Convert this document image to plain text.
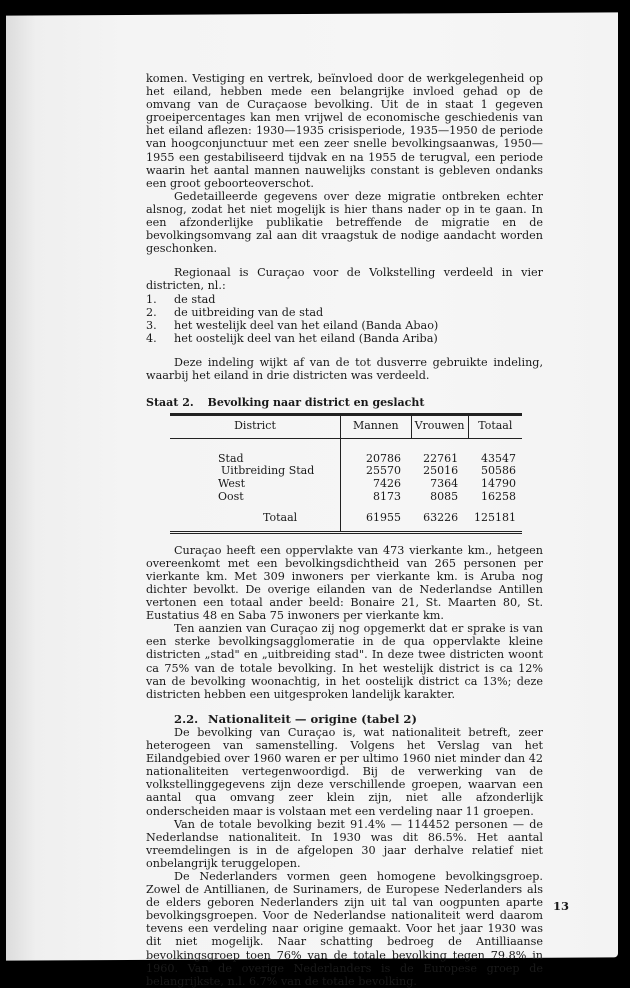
komen. Vestiging en vertrek, beïnvloed door de werkgelegenheid op het eiland, hebben mede een belangrijke invloed gehad op de omvang van de Curaçaose bevolking. Uit de in staat 1 gegeven groeipercentages kan men vrijwel de economische geschiedenis van het eiland aflezen: 1930—1935 crisisperiode, 1935—1950 de periode van hoogconjunctuur met een zeer snelle bevolkingsaanwas, 1950—1955 een gestabiliseerd tijdvak en na 1955 de terugval, een periode waarin het aantal mannen nauwelijks constant is gebleven ondanks een groot geboorteoverschot.

Gedetailleerde gegevens over deze migratie ontbreken echter alsnog, zodat het niet mogelijk is hier thans nader op in te gaan. In een afzonderlijke publikatie betreffende de migratie en de bevolkingsomvang zal aan dit vraagstuk de nodige aandacht worden geschonken.

Regionaal is Curaçao voor de Volkstelling verdeeld in vier districten, nl.:

1.	de stad
2.	de uitbreiding van de stad
3.	het westelijk deel van het eiland (Banda Abao)
4.	het oostelijk deel van het eiland (Banda Ariba)

Deze indeling wijkt af van de tot dusverre gebruikte indeling, waarbij het eiland in drie districten was verdeeld.

Staat 2. Bevolking naar district en geslacht
District	Mannen	Vrouwen	Totaal
Stad	20786	22761	43547
Uitbreiding Stad	25570	25016	50586
West	7426	7364	14790
Oost	8173	8085	16258
Totaal	61955	63226	125181

Curaçao heeft een oppervlakte van 473 vierkante km., hetgeen overeenkomt met een bevolkingsdichtheid van 265 personen per vierkante km. Met 309 inwoners per vierkante km. is Aruba nog dichter bevolkt. De overige eilanden van de Nederlandse Antillen vertonen een totaal ander beeld: Bonaire 21, St. Maarten 80, St. Eustatius 48 en Saba 75 inwoners per vierkante km.

Ten aanzien van Curaçao zij nog opgemerkt dat er sprake is van een sterke bevolkingsagglomeratie in de qua oppervlakte kleine districten „stad" en „uitbreiding stad". In deze twee districten woont ca 75% van de totale bevolking. In het westelijk district is ca 12% van de bevolking woonachtig, in het oostelijk district ca 13%; deze districten hebben een uitgesproken landelijk karakter.

2.2. Nationaliteit — origine (tabel 2)

De bevolking van Curaçao is, wat nationaliteit betreft, zeer heterogeen van samenstelling. Volgens het Verslag van het Eilandgebied over 1960 waren er per ultimo 1960 niet minder dan 42 nationaliteiten vertegenwoordigd. Bij de verwerking van de volkstellinggegevens zijn deze verschillende groepen, waarvan een aantal qua omvang zeer klein zijn, niet alle afzonderlijk onderscheiden maar is volstaan met een verdeling naar 11 groepen.

Van de totale bevolking bezit 91.4% — 114452 personen — de Nederlandse nationaliteit. In 1930 was dit 86.5%. Het aantal vreemdelingen is in de afgelopen 30 jaar derhalve relatief niet onbelangrijk teruggelopen.

De Nederlanders vormen geen homogene bevolkingsgroep. Zowel de Antillianen, de Surinamers, de Europese Nederlanders als de elders geboren Nederlanders zijn uit tal van oogpunten aparte bevolkingsgroepen. Voor de Nederlandse nationaliteit werd daarom tevens een verdeling naar origine gemaakt. Voor het jaar 1930 was dit niet mogelijk. Naar schatting bedroeg de Antilliaanse bevolkingsgroep toen 76% van de totale bevolking tegen 79.8% in 1960. Van de overige Nederlanders is de Europese groep de belangrijkste, n.l. 6.7% van de totale bevolking.

13
